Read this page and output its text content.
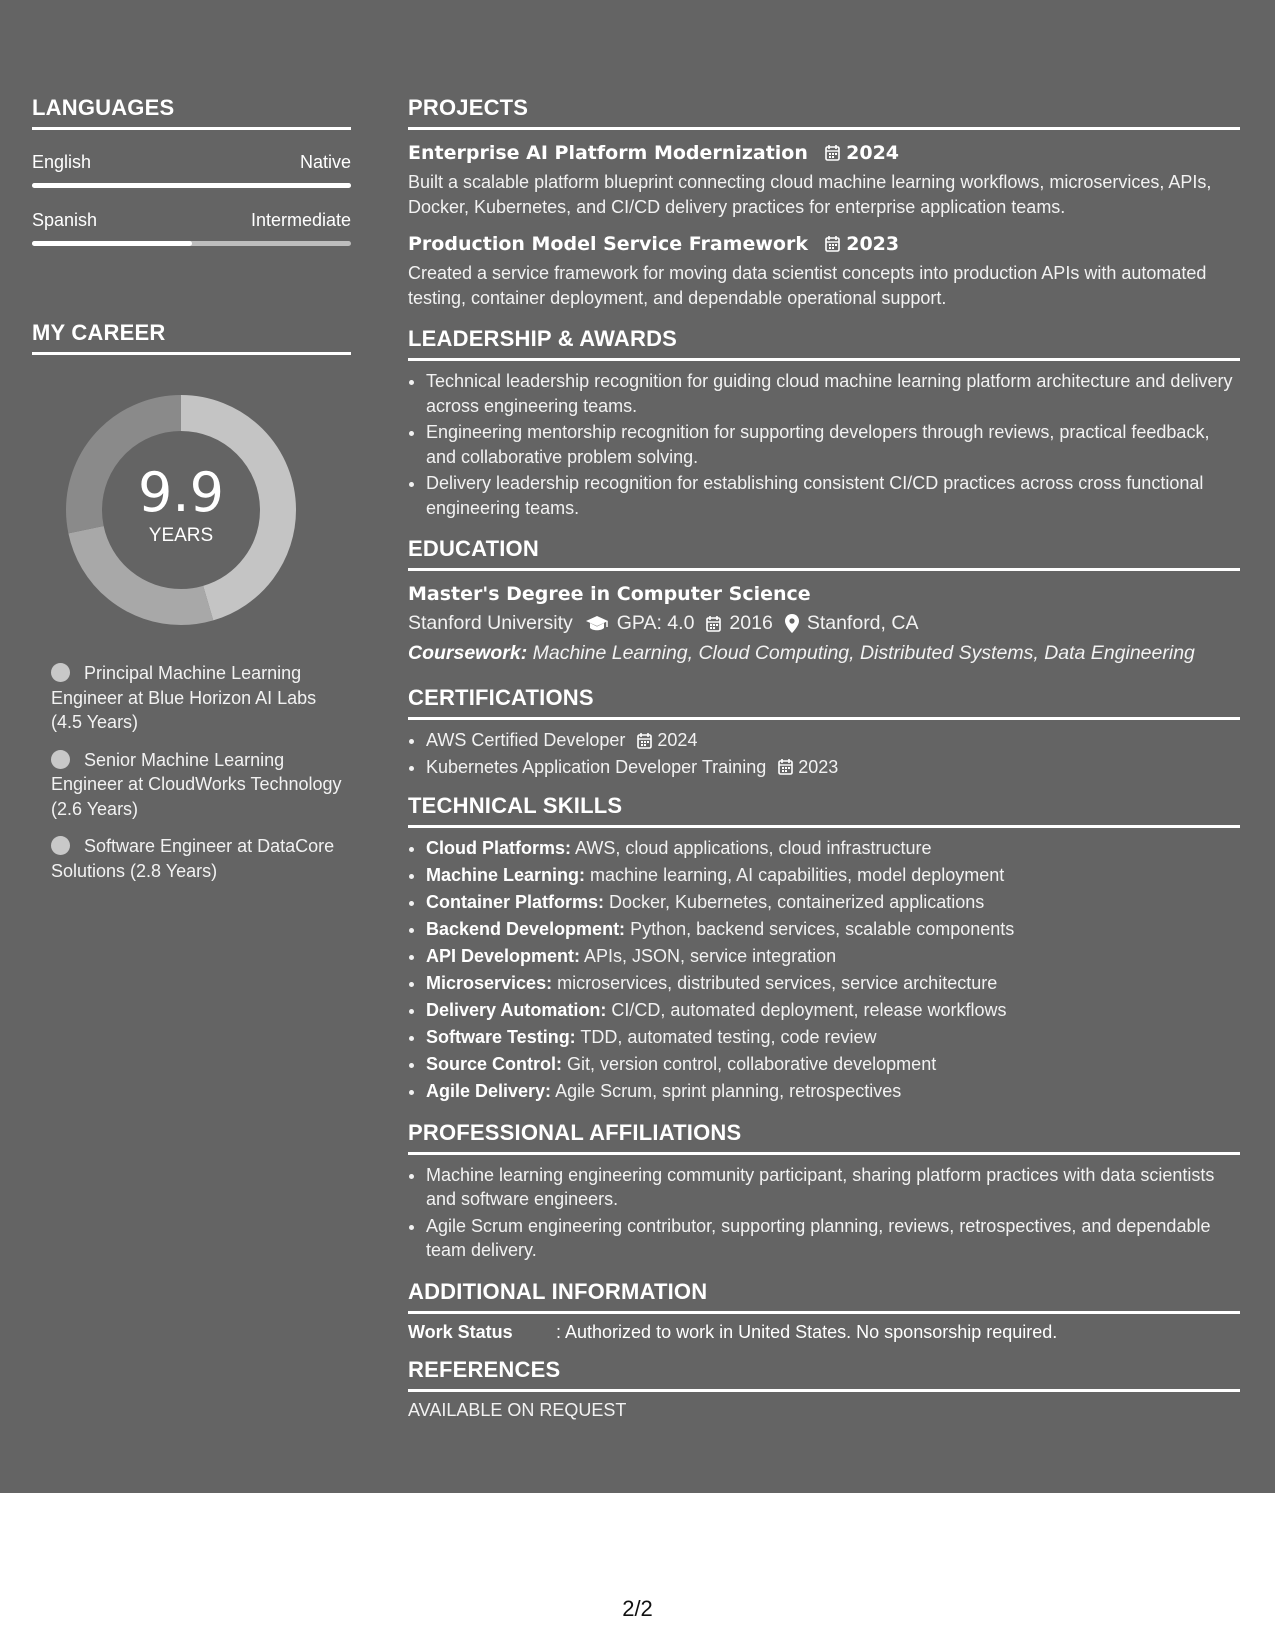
LANGUAGES
English	Native
Spanish	Intermediate
MY CAREER
9.9
YEARS
Principal Machine Learning Engineer at Blue Horizon AI Labs (4.5 Years)
Senior Machine Learning Engineer at CloudWorks Technology (2.6 Years)
Software Engineer at DataCore Solutions (2.8 Years)
PROJECTS
Enterprise AI Platform Modernization 2024
Built a scalable platform blueprint connecting cloud machine learning workflows, microservices, APIs, Docker, Kubernetes, and CI/CD delivery practices for enterprise application teams.
Production Model Service Framework 2023
Created a service framework for moving data scientist concepts into production APIs with automated testing, container deployment, and dependable operational support.
LEADERSHIP & AWARDS
• Technical leadership recognition for guiding cloud machine learning platform architecture and delivery across engineering teams.
• Engineering mentorship recognition for supporting developers through reviews, practical feedback, and collaborative problem solving.
• Delivery leadership recognition for establishing consistent CI/CD practices across cross functional engineering teams.
EDUCATION
Master's Degree in Computer Science
Stanford University GPA: 4.0 2016 Stanford, CA
Coursework: Machine Learning, Cloud Computing, Distributed Systems, Data Engineering
CERTIFICATIONS
• AWS Certified Developer 2024
• Kubernetes Application Developer Training 2023
TECHNICAL SKILLS
• Cloud Platforms: AWS, cloud applications, cloud infrastructure
• Machine Learning: machine learning, AI capabilities, model deployment
• Container Platforms: Docker, Kubernetes, containerized applications
• Backend Development: Python, backend services, scalable components
• API Development: APIs, JSON, service integration
• Microservices: microservices, distributed services, service architecture
• Delivery Automation: CI/CD, automated deployment, release workflows
• Software Testing: TDD, automated testing, code review
• Source Control: Git, version control, collaborative development
• Agile Delivery: Agile Scrum, sprint planning, retrospectives
PROFESSIONAL AFFILIATIONS
• Machine learning engineering community participant, sharing platform practices with data scientists and software engineers.
• Agile Scrum engineering contributor, supporting planning, reviews, retrospectives, and dependable team delivery.
ADDITIONAL INFORMATION
Work Status	: Authorized to work in United States. No sponsorship required.
REFERENCES
AVAILABLE ON REQUEST
2/2
